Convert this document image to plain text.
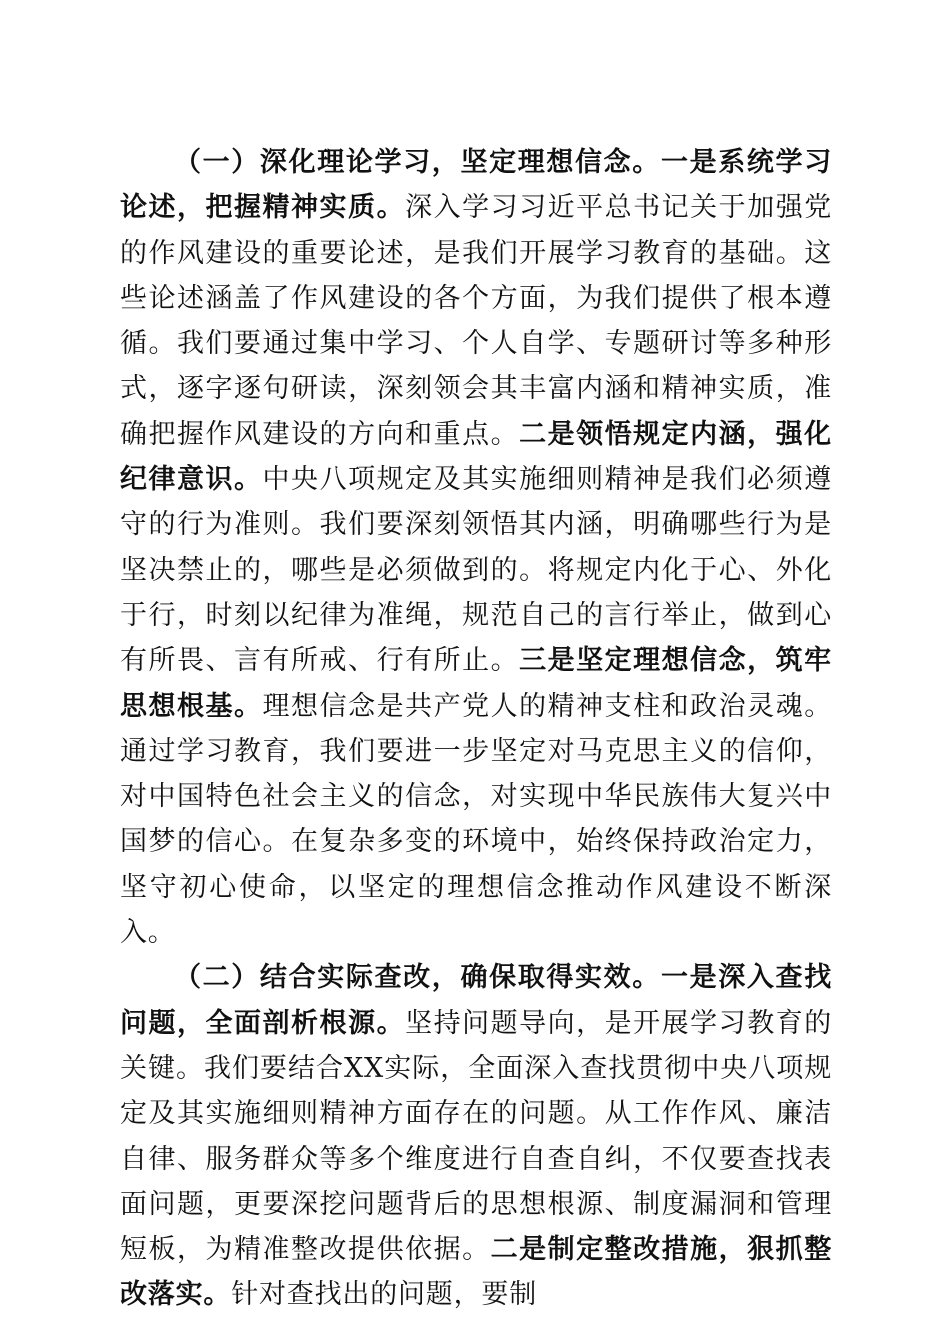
（一）深化理论学习，坚定理想信念。一是系统学习论述，把握精神实质。深入学习习近平总书记关于加强党的作风建设的重要论述，是我们开展学习教育的基础。这些论述涵盖了作风建设的各个方面，为我们提供了根本遵循。我们要通过集中学习、个人自学、专题研讨等多种形式，逐字逐句研读，深刻领会其丰富内涵和精神实质，准确把握作风建设的方向和重点。二是领悟规定内涵，强化纪律意识。中央八项规定及其实施细则精神是我们必须遵守的行为准则。我们要深刻领悟其内涵，明确哪些行为是坚决禁止的，哪些是必须做到的。将规定内化于心、外化于行，时刻以纪律为准绳，规范自己的言行举止，做到心有所畏、言有所戒、行有所止。三是坚定理想信念，筑牢思想根基。理想信念是共产党人的精神支柱和政治灵魂。通过学习教育，我们要进一步坚定对马克思主义的信仰，对中国特色社会主义的信念，对实现中华民族伟大复兴中国梦的信心。在复杂多变的环境中，始终保持政治定力，坚守初心使命，以坚定的理想信念推动作风建设不断深入。

（二）结合实际查改，确保取得实效。一是深入查找问题，全面剖析根源。坚持问题导向，是开展学习教育的关键。我们要结合XX实际，全面深入查找贯彻中央八项规定及其实施细则精神方面存在的问题。从工作作风、廉洁自律、服务群众等多个维度进行自查自纠，不仅要查找表面问题，更要深挖问题背后的思想根源、制度漏洞和管理短板，为精准整改提供依据。二是制定整改措施，狠抓整改落实。针对查找出的问题，要制
